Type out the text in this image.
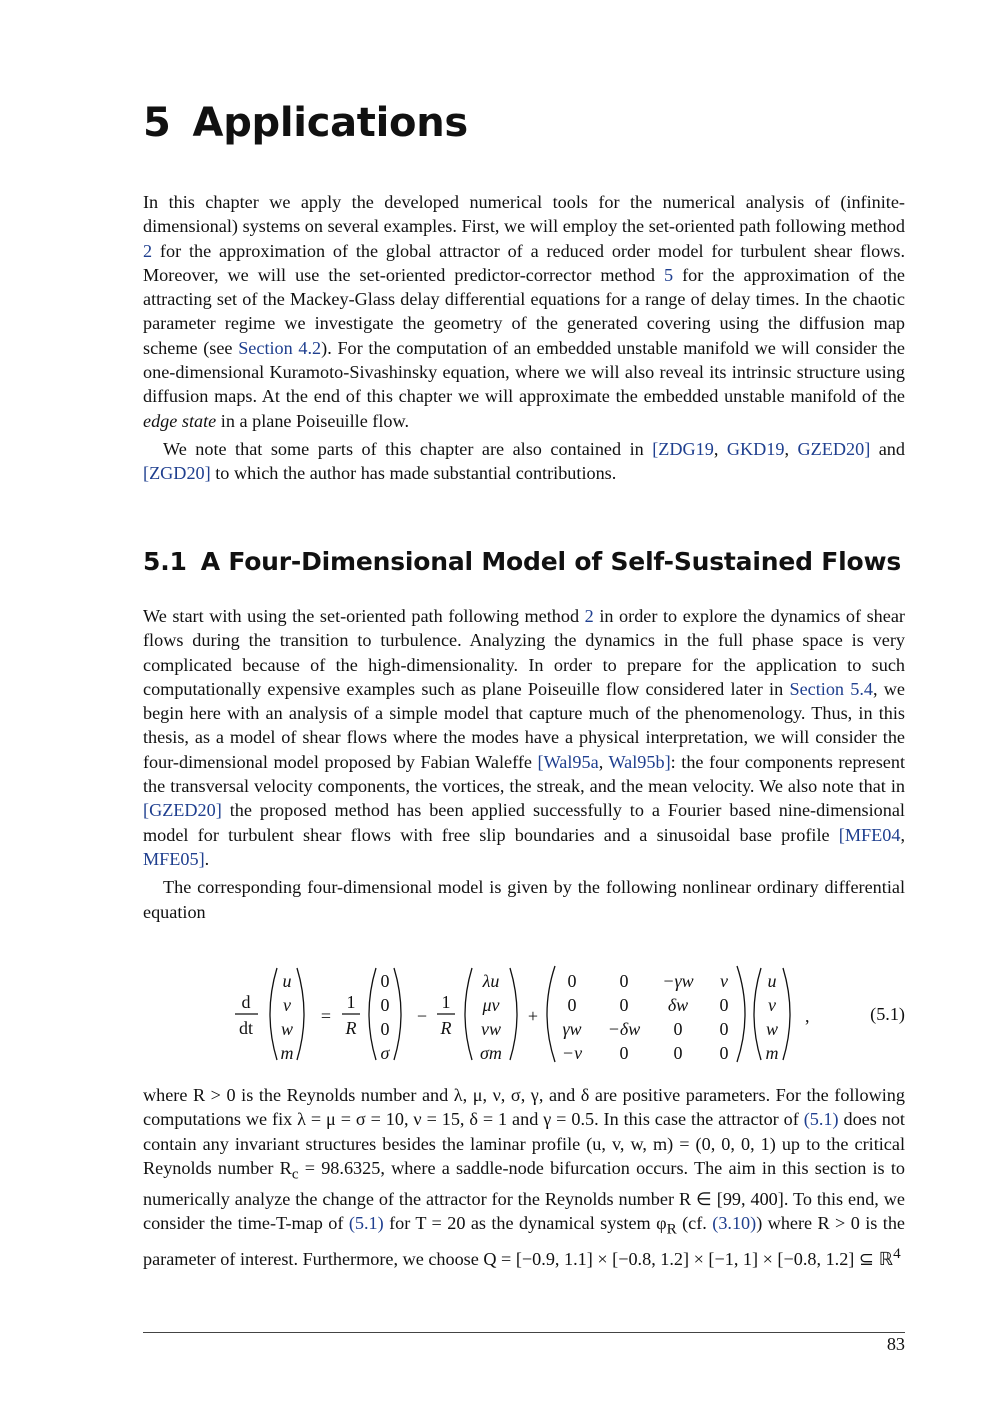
5 Applications

In this chapter we apply the developed numerical tools for the numerical analysis of (infinite-dimensional) systems on several examples. First, we will employ the set-oriented path following method 2 for the approximation of the global attractor of a reduced order model for turbulent shear flows. Moreover, we will use the set-oriented predictor-corrector method 5 for the approximation of the attracting set of the Mackey-Glass delay differential equations for a range of delay times. In the chaotic parameter regime we investigate the geometry of the generated covering using the diffusion map scheme (see Section 4.2). For the computation of an embedded unstable manifold we will consider the one-dimensional Kuramoto-Sivashinsky equation, where we will also reveal its intrinsic structure using diffusion maps. At the end of this chapter we will approximate the embedded unstable manifold of the edge state in a plane Poiseuille flow.

We note that some parts of this chapter are also contained in [ZDG19, GKD19, GZED20] and [ZGD20] to which the author has made substantial contributions.

5.1 A Four-Dimensional Model of Self-Sustained Flows

We start with using the set-oriented path following method 2 in order to explore the dynamics of shear flows during the transition to turbulence. Analyzing the dynamics in the full phase space is very complicated because of the high-dimensionality. In order to prepare for the application to such computationally expensive examples such as plane Poiseuille flow considered later in Section 5.4, we begin here with an analysis of a simple model that capture much of the phenomenology. Thus, in this thesis, as a model of shear flows where the modes have a physical interpretation, we will consider the four-dimensional model proposed by Fabian Waleffe [Wal95a, Wal95b]: the four components represent the transversal velocity components, the vortices, the streak, and the mean velocity. We also note that in [GZED20] the proposed method has been applied successfully to a Fourier based nine-dimensional model for turbulent shear flows with free slip boundaries and a sinusoidal base profile [MFE04, MFE05].

The corresponding four-dimensional model is given by the following nonlinear ordinary differential equation

d
dt
u
v
w
m
=
1
R
0
0
0
σ
−
1
R
λu
μv
νw
σm
+
0 0 −γw v
0 0 δw 0
γw −δw 0 0
−v 0	0 0
u
v
w
m
,	(5.1)

where R > 0 is the Reynolds number and λ, μ, ν, σ, γ, and δ are positive parameters. For the following computations we fix λ = μ = σ = 10, ν = 15, δ = 1 and γ = 0.5. In this case the attractor of (5.1) does not contain any invariant structures besides the laminar profile (u, v, w, m) = (0, 0, 0, 1) up to the critical Reynolds number $R_c = 98.6325$, where a saddle-node bifurcation occurs. The aim in this section is to numerically analyze the change of the attractor for the Reynolds number R ∈ [99, 400]. To this end, we consider the time-T-map of (5.1) for T = 20 as the dynamical system $\varphi_R$ (cf. (3.10)) where R > 0 is the parameter of interest. Furthermore, we choose Q = [−0.9, 1.1] × [−0.8, 1.2] × [−1, 1] × [−0.8, 1.2] ⊆ ℝ$^4$

83
